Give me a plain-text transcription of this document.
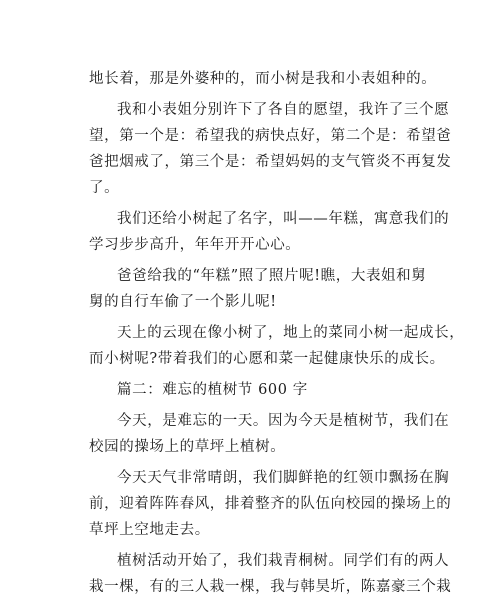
地长着，那是外婆种的，而小树是我和小表姐种的。
我和小表姐分别许下了各自的愿望，我许了三个愿
望，第一个是：希望我的病快点好，第二个是：希望爸
爸把烟戒了，第三个是：希望妈妈的支气管炎不再复发
了。
我们还给小树起了名字，叫——年糕，寓意我们的
学习步步高升，年年开开心心。
爸爸给我的“年糕”照了照片呢!瞧，大表姐和舅
舅的自行车偷了一个影儿呢!
天上的云现在像小树了，地上的菜同小树一起成长，
而小树呢?带着我们的心愿和菜一起健康快乐的成长。
篇二：难忘的植树节 600 字
今天，是难忘的一天。因为今天是植树节，我们在
校园的操场上的草坪上植树。
今天天气非常晴朗，我们脚鲜艳的红领巾飘扬在胸
前，迎着阵阵春风，排着整齐的队伍向校园的操场上的
草坪上空地走去。
植树活动开始了，我们栽青桐树。同学们有的两人
栽一棵，有的三人栽一棵，我与韩昊圻，陈嘉豪三个栽
